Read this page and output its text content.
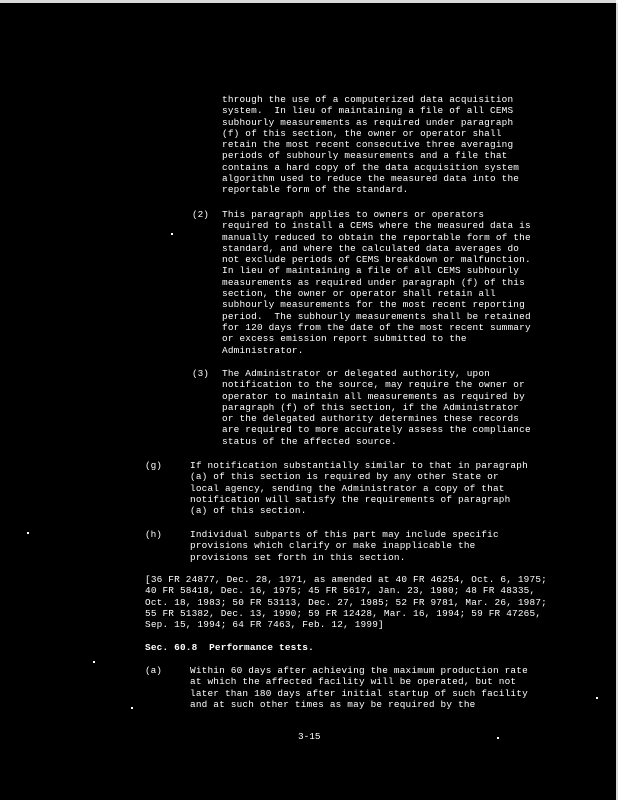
through the use of a computerized data acquisition
system.  In lieu of maintaining a file of all CEMS
subhourly measurements as required under paragraph
(f) of this section, the owner or operator shall
retain the most recent consecutive three averaging
periods of subhourly measurements and a file that
contains a hard copy of the data acquisition system
algorithm used to reduce the measured data into the
reportable form of the standard.
(2) This paragraph applies to owners or operators
required to install a CEMS where the measured data is
manually reduced to obtain the reportable form of the
standard, and where the calculated data averages do
not exclude periods of CEMS breakdown or malfunction.
In lieu of maintaining a file of all CEMS subhourly
measurements as required under paragraph (f) of this
section, the owner or operator shall retain all
subhourly measurements for the most recent reporting
period.  The subhourly measurements shall be retained
for 120 days from the date of the most recent summary
or excess emission report submitted to the
Administrator.
(3) The Administrator or delegated authority, upon
notification to the source, may require the owner or
operator to maintain all measurements as required by
paragraph (f) of this section, if the Administrator
or the delegated authority determines these records
are required to more accurately assess the compliance
status of the affected source.
(g)	If notification substantially similar to that in paragraph
(a) of this section is required by any other State or
local agency, sending the Administrator a copy of that
notification will satisfy the requirements of paragraph
(a) of this section.
(h)	Individual subparts of this part may include specific
provisions which clarify or make inapplicable the
provisions set forth in this section.
[36 FR 24877, Dec. 28, 1971, as amended at 40 FR 46254, Oct. 6, 1975;
40 FR 58418, Dec. 16, 1975; 45 FR 5617, Jan. 23, 1980; 48 FR 48335,
Oct. 18, 1983; 50 FR 53113, Dec. 27, 1985; 52 FR 9781, Mar. 26, 1987;
55 FR 51382, Dec. 13, 1990; 59 FR 12428, Mar. 16, 1994; 59 FR 47265,
Sep. 15, 1994; 64 FR 7463, Feb. 12, 1999]
Sec. 60.8  Performance tests.
(a)	Within 60 days after achieving the maximum production rate
at which the affected facility will be operated, but not
later than 180 days after initial startup of such facility
and at such other times as may be required by the
3-15
